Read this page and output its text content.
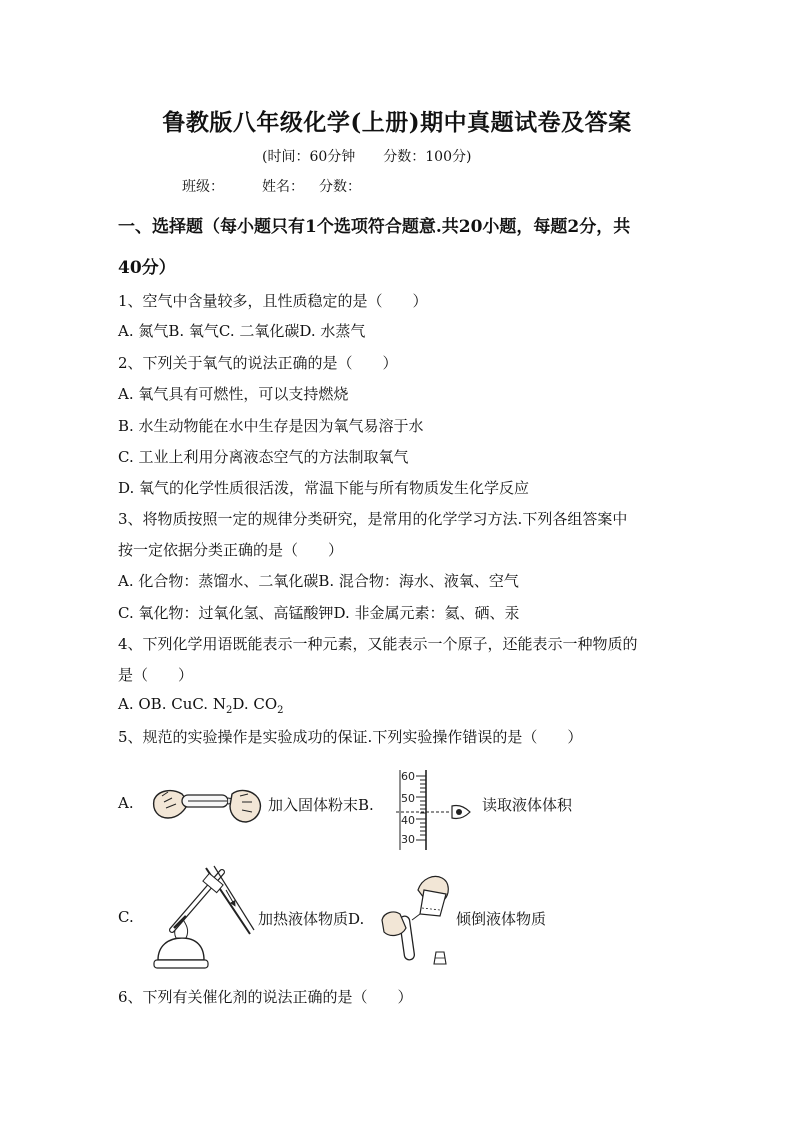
鲁教版八年级化学(上册)期中真题试卷及答案
(时间：60分钟　　分数：100分)
班级：	姓名： 分数：
一、选择题（每小题只有1个选项符合题意.共20小题，每题2分，共
40分）
1、空气中含量较多，且性质稳定的是（　　）
A. 氮气B. 氧气C. 二氧化碳D. 水蒸气
2、下列关于氧气的说法正确的是（　　）
A. 氧气具有可燃性，可以支持燃烧
B. 水生动物能在水中生存是因为氧气易溶于水
C. 工业上利用分离液态空气的方法制取氧气
D. 氧气的化学性质很活泼，常温下能与所有物质发生化学反应
3、将物质按照一定的规律分类研究，是常用的化学学习方法.下列各组答案中
按一定依据分类正确的是（　　）
A. 化合物：蒸馏水、二氧化碳B. 混合物：海水、液氧、空气
C. 氧化物：过氧化氢、高锰酸钾D. 非金属元素：氦、硒、汞
4、下列化学用语既能表示一种元素，又能表示一个原子，还能表示一种物质的
是（　　）
A. OB. CuC. $N_2D$. $CO_2$
5、规范的实验操作是实验成功的保证.下列实验操作错误的是（　　）
A.	加入固体粉末B.
60
50
40
30
读取液体体积
C.	加热液体物质D.	倾倒液体物质
6、下列有关催化剂的说法正确的是（　　）
